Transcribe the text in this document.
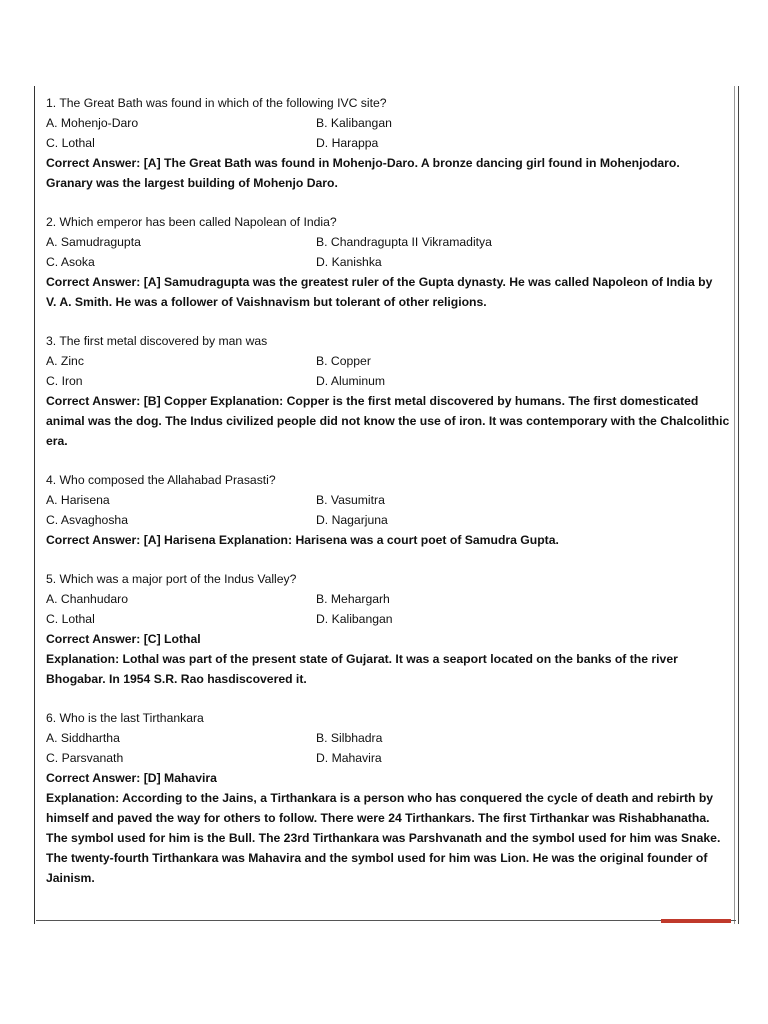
1. The Great Bath was found in which of the following IVC site?
A. Mohenjo-Daro	B. Kalibangan
C. Lothal	D. Harappa
Correct Answer: [A] The Great Bath was found in Mohenjo-Daro. A bronze dancing girl found in Mohenjodaro.
Granary was the largest building of Mohenjo Daro.
2. Which emperor has been called Napolean of India?
A. Samudragupta	B. Chandragupta II Vikramaditya
C. Asoka	D. Kanishka
Correct Answer: [A] Samudragupta was the greatest ruler of the Gupta dynasty. He was called Napoleon of India by
V. A. Smith. He was a follower of Vaishnavism but tolerant of other religions.
3. The first metal discovered by man was
A. Zinc	B. Copper
C. Iron	D. Aluminum
Correct Answer: [B] Copper Explanation: Copper is the first metal discovered by humans. The first domesticated
animal was the dog. The Indus civilized people did not know the use of iron. It was contemporary with the Chalcolithic
era.
4. Who composed the Allahabad Prasasti?
A. Harisena	B. Vasumitra
C. Asvaghosha	D. Nagarjuna
Correct Answer: [A] Harisena Explanation: Harisena was a court poet of Samudra Gupta.
5. Which was a major port of the Indus Valley?
A. Chanhudaro	B. Mehargarh
C. Lothal	D. Kalibangan
Correct Answer: [C] Lothal
Explanation: Lothal was part of the present state of Gujarat. It was a seaport located on the banks of the river
Bhogabar. In 1954 S.R. Rao hasdiscovered it.
6. Who is the last Tirthankara
A. Siddhartha	B. Silbhadra
C. Parsvanath	D. Mahavira
Correct Answer: [D] Mahavira
Explanation: According to the Jains, a Tirthankara is a person who has conquered the cycle of death and rebirth by
himself and paved the way for others to follow. There were 24 Tirthankars. The first Tirthankar was Rishabhanatha.
The symbol used for him is the Bull. The 23rd Tirthankara was Parshvanath and the symbol used for him was Snake.
The twenty-fourth Tirthankara was Mahavira and the symbol used for him was Lion. He was the original founder of
Jainism.
